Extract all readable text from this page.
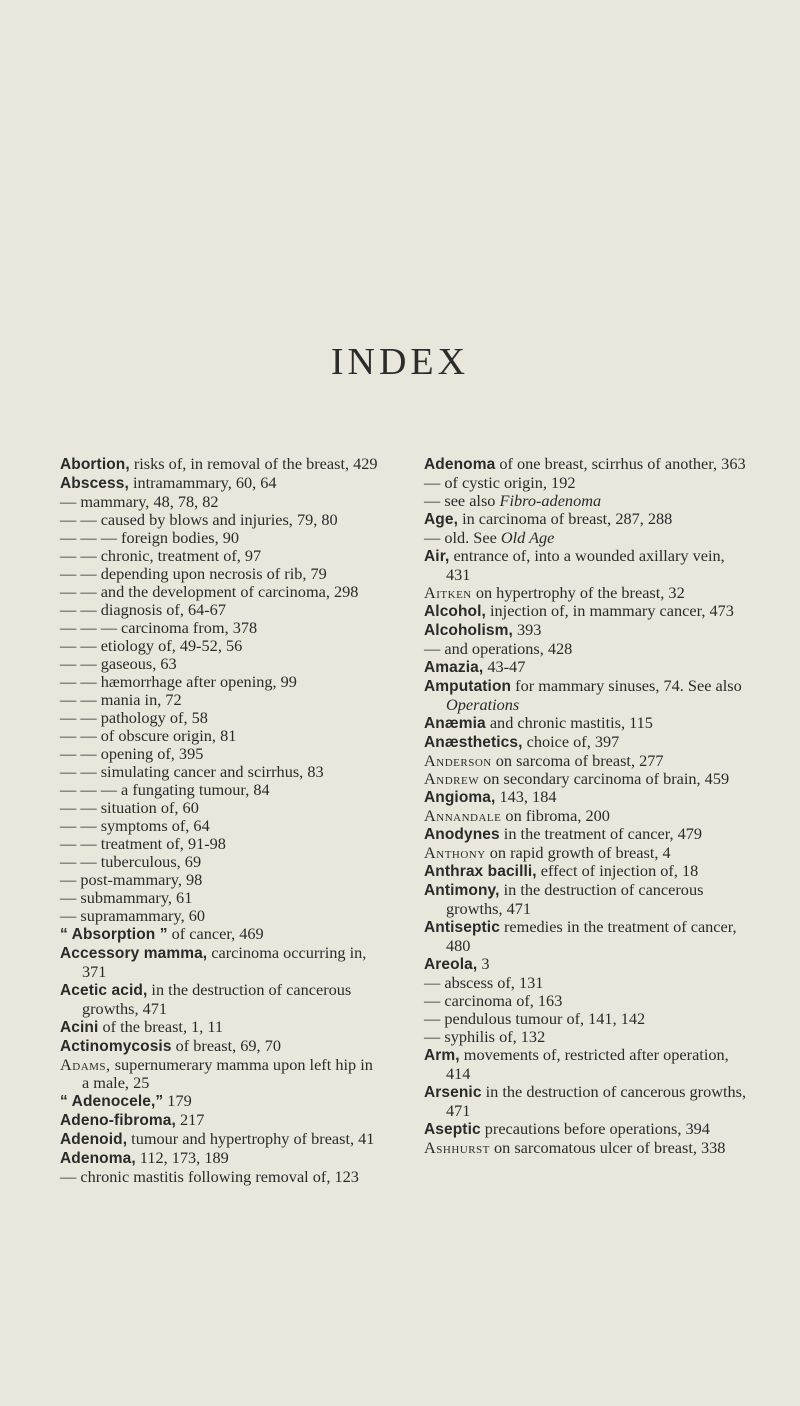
INDEX

Abortion, risks of, in removal of the breast, 429

Abscess, intramammary, 60, 64

— mammary, 48, 78, 82

— — caused by blows and injuries, 79, 80

— — — foreign bodies, 90

— — chronic, treatment of, 97

— — depending upon necrosis of rib, 79

— — and the development of carcinoma, 298

— — diagnosis of, 64-67

— — — carcinoma from, 378

— — etiology of, 49-52, 56

— — gaseous, 63

— — hæmorrhage after opening, 99

— — mania in, 72

— — pathology of, 58

— — of obscure origin, 81

— — opening of, 395

— — simulating cancer and scirrhus, 83

— — — a fungating tumour, 84

— — situation of, 60

— — symptoms of, 64

— — treatment of, 91-98

— — tuberculous, 69

— post-mammary, 98

— submammary, 61

— supramammary, 60

“ Absorption ” of cancer, 469

Accessory mamma, carcinoma occurring in, 371

Acetic acid, in the destruction of cancerous growths, 471

Acini of the breast, 1, 11

Actinomycosis of breast, 69, 70

Adams, supernumerary mamma upon left hip in a male, 25

“ Adenocele,” 179

Adeno-fibroma, 217

Adenoid, tumour and hypertrophy of breast, 41

Adenoma, 112, 173, 189

— chronic mastitis following removal of, 123

Adenoma of one breast, scirrhus of another, 363

— of cystic origin, 192

— see also Fibro-adenoma

Age, in carcinoma of breast, 287, 288

— old. See Old Age

Air, entrance of, into a wounded axillary vein, 431

Aitken on hypertrophy of the breast, 32

Alcohol, injection of, in mammary cancer, 473

Alcoholism, 393

— and operations, 428

Amazia, 43-47

Amputation for mammary sinuses, 74. See also Operations

Anæmia and chronic mastitis, 115

Anæsthetics, choice of, 397

Anderson on sarcoma of breast, 277

Andrew on secondary carcinoma of brain, 459

Angioma, 143, 184

Annandale on fibroma, 200

Anodynes in the treatment of cancer, 479

Anthony on rapid growth of breast, 4

Anthrax bacilli, effect of injection of, 18

Antimony, in the destruction of cancerous growths, 471

Antiseptic remedies in the treatment of cancer, 480

Areola, 3

— abscess of, 131

— carcinoma of, 163

— pendulous tumour of, 141, 142

— syphilis of, 132

Arm, movements of, restricted after operation, 414

Arsenic in the destruction of cancerous growths, 471

Aseptic precautions before operations, 394

Ashhurst on sarcomatous ulcer of breast, 338
